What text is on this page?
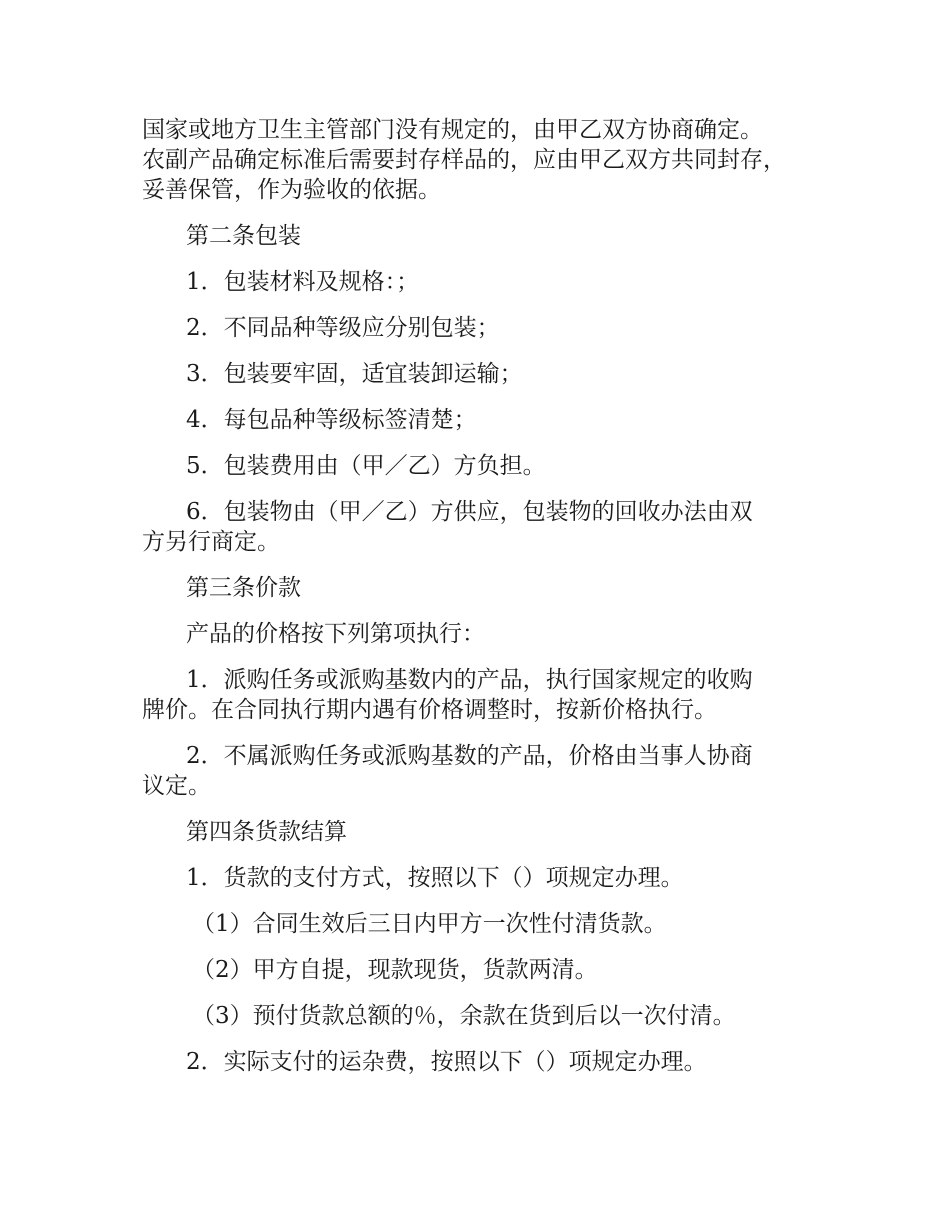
国家或地方卫生主管部门没有规定的，由甲乙双方协商确定。
农副产品确定标准后需要封存样品的，应由甲乙双方共同封存，
妥善保管，作为验收的依据。

第二条包装

1．包装材料及规格：；

2．不同品种等级应分别包装；

3．包装要牢固，适宜装卸运输；

4．每包品种等级标签清楚；

5．包装费用由（甲／乙）方负担。

6．包装物由（甲／乙）方供应，包装物的回收办法由双
方另行商定。

第三条价款

产品的价格按下列第项执行：

1．派购任务或派购基数内的产品，执行国家规定的收购
牌价。在合同执行期内遇有价格调整时，按新价格执行。

2．不属派购任务或派购基数的产品，价格由当事人协商
议定。

第四条货款结算

1．货款的支付方式，按照以下（）项规定办理。

（1）合同生效后三日内甲方一次性付清货款。

（2）甲方自提，现款现货，货款两清。

（3）预付货款总额的％，余款在货到后以一次付清。

2．实际支付的运杂费，按照以下（）项规定办理。
